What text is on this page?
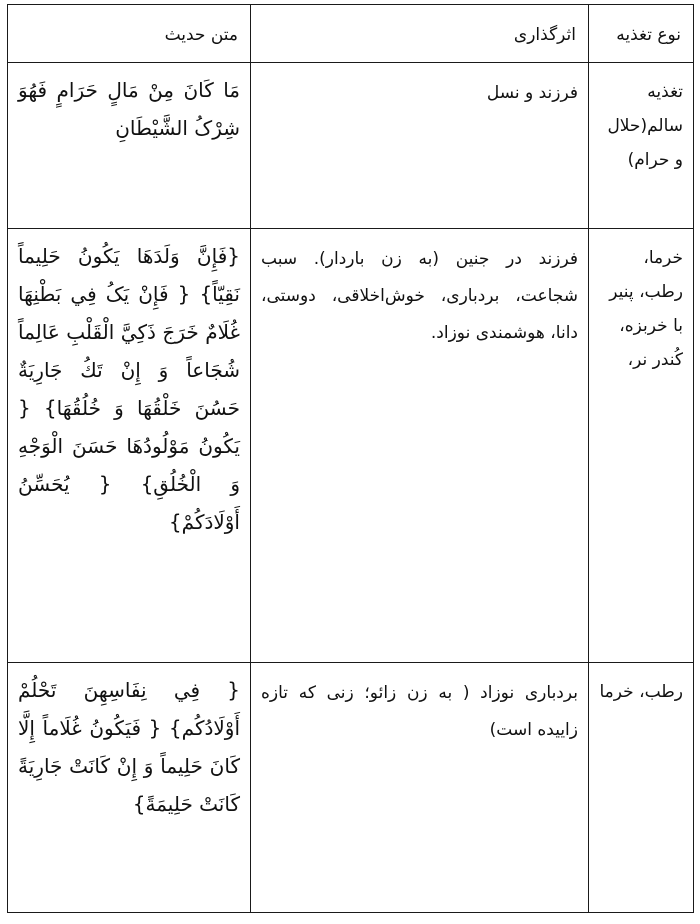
نوع تغذیه	اثرگذاری	متن حدیث

تغذیه سالم(حلال و حرام)	فرزند و نسل	مَا کَانَ مِنْ مَالٍ حَرَامٍ فَهُوَ شِرْکُ الشَّیْطَانِ

خرما، رطب، پنیر با خربزه، کُندر نر،	فرزند در جنین (به زن باردار). سبب شجاعت، بردباری، خوش‌اخلاقی، دوستی، دانا، هوشمندی نوزاد.	{فَإِنَّ وَلَدَهَا یَکُونُ حَلِیماً نَقِیّاً} { فَإِنْ یَکُ فِي بَطْنِهَا غُلَامٌ خَرَجَ ذَکِيَّ الْقَلْبِ عَالِماً شُجَاعاً وَ إِنْ تَكُ جَارِيَةٌ حَسُنَ خَلْقُهَا وَ خُلُقُهَا} { يَکُونُ مَوْلُودُهَا حَسَنَ الْوَجْهِ وَ الْخُلُقِ} { يُحَسِّنُ أَوْلَادَکُمْ}

رطب، خرما	بردباری نوزاد ( به زن زائو؛ زنی که تازه زاییده است)	{ فِي نِفَاسِهِنَ تَحْلُمْ أَوْلَادُکُم} { فَیَکُونُ غُلَاماً إِلَّا کَانَ حَلِیماً وَ إِنْ کَانَتْ جَارِیَةً کَانَتْ حَلِیمَةً}
